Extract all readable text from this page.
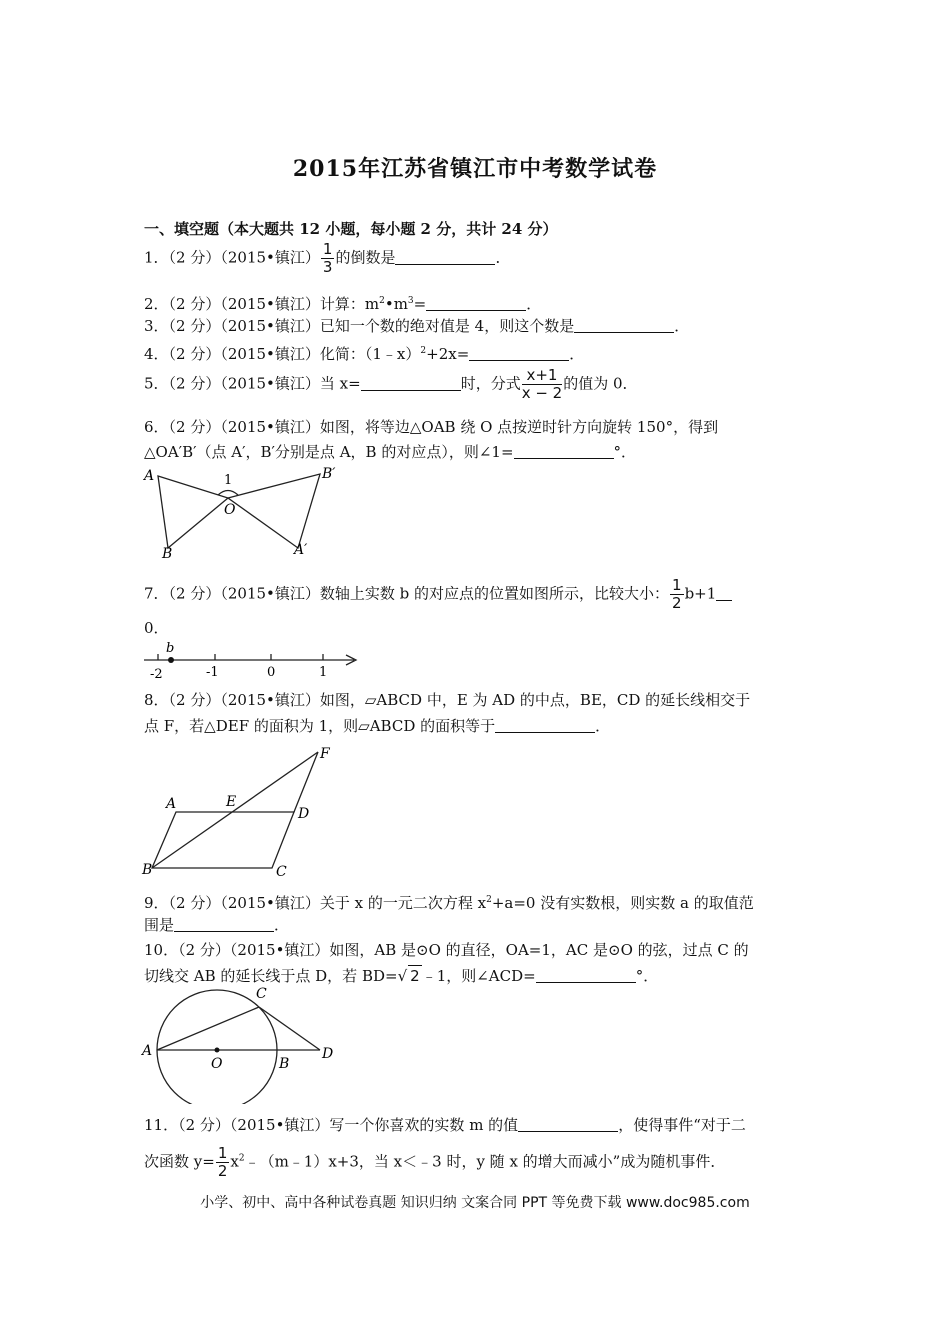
2015年江苏省镇江市中考数学试卷
一、填空题（本大题共 12 小题，每小题 2 分，共计 24 分）
1．（2 分）（2015•镇江） $\frac{1}{3}$ 的倒数是	．
2．（2 分）（2015•镇江）计算：$m^2•m^3=$	．
3．（2 分）（2015•镇江）已知一个数的绝对值是 4，则这个数是	．
4．（2 分）（2015•镇江）化简：（1﹣x）$^2$+2x=	．
5．（2 分）（2015•镇江）当 x=	时，分式 $\frac{x+1}{x - 2}$ 的值为 0．
6．（2 分）（2015•镇江）如图，将等边△OAB 绕 O 点按逆时针方向旋转 150°，得到
△OA′B′（点 A′，B′分别是点 A，B 的对应点），则∠1=	°．
A
B
O
B′
A′
1
7．（2 分）（2015•镇江）数轴上实数 b 的对应点的位置如图所示，比较大小： $\frac{1}{2} b+1$
0．
b
-2	-1	0	1
8．（2 分）（2015•镇江）如图，▱ABCD 中，E 为 AD 的中点，BE，CD 的延长线相交于
点 F，若△DEF 的面积为 1，则▱ABCD 的面积等于	．
A	E
D
F
B	C
9．（2 分）（2015•镇江）关于 x 的一元二次方程 $x^2+a=0$ 没有实数根，则实数 a 的取值范
围是	．
10．（2 分）（2015•镇江）如图，AB 是⊙O 的直径，OA=1，AC 是⊙O 的弦，过点 C 的
切线交 AB 的延长线于点 D，若 BD=√ 2 ﹣1，则∠ACD=	°．
A
O	B
C
D
11．（2 分）（2015•镇江）写一个你喜欢的实数 m 的值	，使得事件“对于二
次函数 $y= \frac{1}{2}$ $x^2﹣(m﹣1)x+3$，当 x＜﹣3 时，y 随 x 的增大而减小”成为随机事件．
小学、初中、高中各种试卷真题 知识归纳 文案合同 PPT 等免费下载 www.doc985.com
